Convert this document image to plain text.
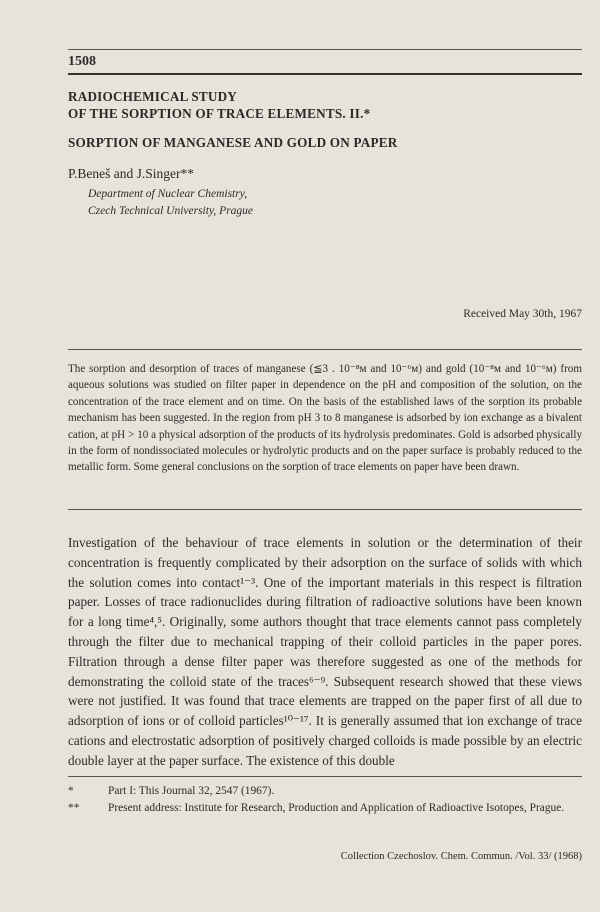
1508

RADIOCHEMICAL STUDY

OF THE SORPTION OF TRACE ELEMENTS. II.*

SORPTION OF MANGANESE AND GOLD ON PAPER

P.Beneš and J.Singer**
Department of Nuclear Chemistry,
Czech Technical University, Prague
Received May 30th, 1967

The sorption and desorption of traces of manganese (≦3 . 10⁻⁸ᴍ and 10⁻⁶ᴍ) and gold (10⁻⁸ᴍ and 10⁻⁶ᴍ) from aqueous solutions was studied on filter paper in dependence on the pH and composition of the solution, on the concentration of the trace element and on time. On the basis of the established laws of the sorption its probable mechanism has been suggested. In the region from pH 3 to 8 manganese is adsorbed by ion exchange as a bivalent cation, at pH > 10 a physical adsorption of the products of its hydrolysis predominates. Gold is adsorbed physically in the form of nondissociated molecules or hydrolytic products and on the paper surface is probably reduced to the metallic form. Some general conclusions on the sorption of trace elements on paper have been drawn.

Investigation of the behaviour of trace elements in solution or the determination of their concentration is frequently complicated by their adsorption on the surface of solids with which the solution comes into contact¹⁻³. One of the important materials in this respect is filtration paper. Losses of trace radionuclides during filtration of radioactive solutions have been known for a long time⁴,⁵. Originally, some authors thought that trace elements cannot pass completely through the filter due to mechanical trapping of their colloid particles in the paper pores. Filtration through a dense filter paper was therefore suggested as one of the methods for demonstrating the colloid state of the traces⁶⁻⁹. Subsequent research showed that these views were not justified. It was found that trace elements are trapped on the paper first of all due to adsorption of ions or of colloid particles¹⁰⁻¹⁷. It is generally assumed that ion exchange of trace cations and electrostatic adsorption of positively charged colloids is made possible by an electric double layer at the paper surface. The existence of this double

*	Part I: This Journal 32, 2547 (1967).
**	Present address: Institute for Research, Production and Application of Radioactive Isotopes, Prague.
Collection Czechoslov. Chem. Commun. /Vol. 33/ (1968)
